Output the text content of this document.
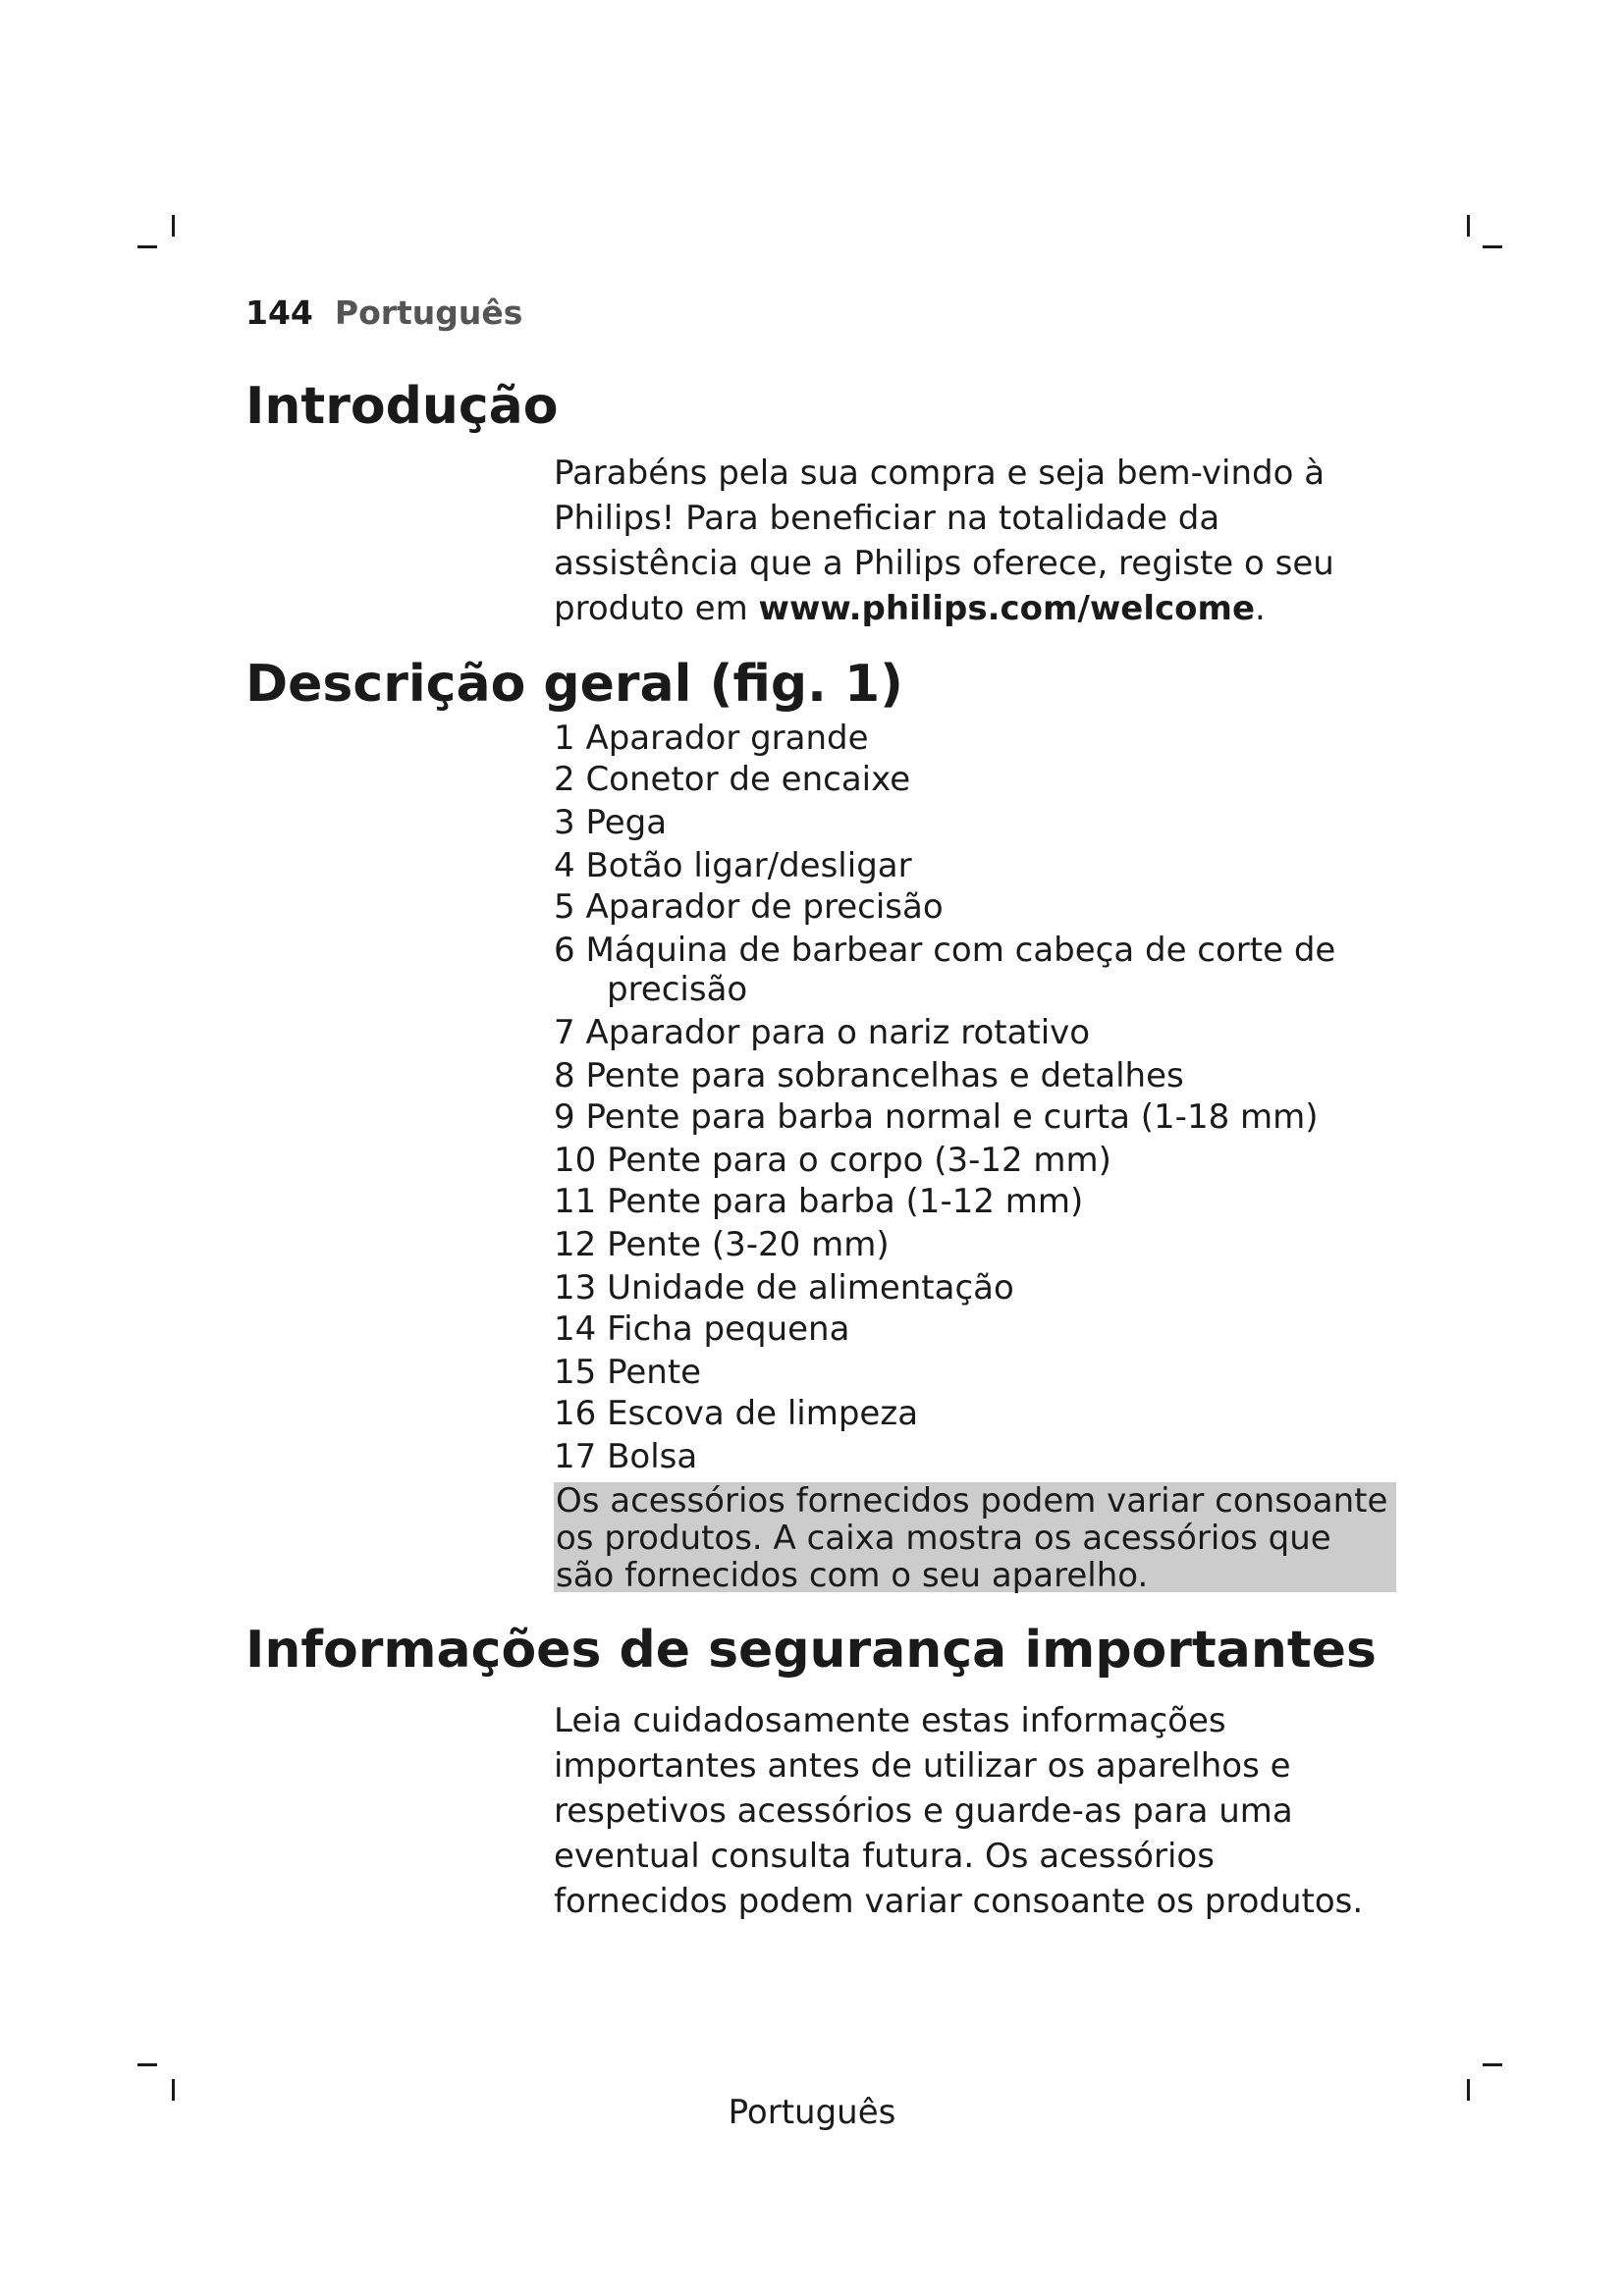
144 Português
Introdução
Parabéns pela sua compra e seja bem-vindo à Philips! Para beneficiar na totalidade da assistência que a Philips oferece, registe o seu produto em www.philips.com/welcome.
Descrição geral (fig. 1)
1 Aparador grande
2 Conetor de encaixe
3 Pega
4 Botão ligar/desligar
5 Aparador de precisão
6 Máquina de barbear com cabeça de corte de
precisão
7 Aparador para o nariz rotativo
8 Pente para sobrancelhas e detalhes
9 Pente para barba normal e curta (1-18 mm)
10 Pente para o corpo (3-12 mm)
11 Pente para barba (1-12 mm)
12 Pente (3-20 mm)
13 Unidade de alimentação
14 Ficha pequena
15 Pente
16 Escova de limpeza
17 Bolsa
Os acessórios fornecidos podem variar consoante os produtos. A caixa mostra os acessórios que são fornecidos com o seu aparelho.
Informações de segurança importantes
Leia cuidadosamente estas informações importantes antes de utilizar os aparelhos e respetivos acessórios e guarde-as para uma eventual consulta futura. Os acessórios fornecidos podem variar consoante os produtos.
Português
